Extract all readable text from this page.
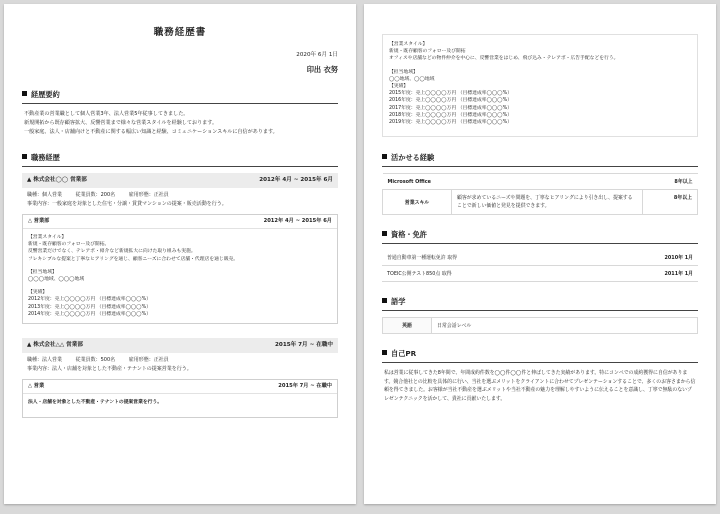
職務経歴書
2020年 6月 1日
印出 衣努
経歴要約
不動産業の営業職として個人営業3年、法人営業5年従事してきました。
新規開拓から既存顧客拡大、反響営業まで様々な営業スタイルを経験しております。
一般家庭、法人・店舗向けと不動産に関する幅広い知識と経験、コミュニケーションスキルに自信があります。
職務経歴
▲ 株式会社◯◯ 営業部	2012年 4月 ~ 2015年 6月
職種：個人営業	従業員数：200名	雇用形態：正社員
事業内容：一般家庭を対象とした住宅・分譲・賃貸マンションの提案・販売活動を行う。
△ 営業部	2012年 4月 ~ 2015年 6月
【営業スタイル】
新規・既存顧客のフォロー及び開拓。
反響営業だけでなく、テレアポ・紹介など新規拡大に向けた取り組みも実施。
フレキシブルな提案と丁寧なヒアリングを通じ、顧客ニーズに合わせて店舗・代理店を通じ販売。
【担当地域】
◯◯◯地域、◯◯◯地域
【実績】
2012年度：売上◯◯◯◯万円 （目標達成率◯◯◯%）
2013年度：売上◯◯◯◯万円 （目標達成率◯◯◯%）
2014年度：売上◯◯◯◯万円 （目標達成率◯◯◯%）
▲ 株式会社△△ 営業部	2015年 7月 ~ 在職中
職種：法人営業	従業員数：500名	雇用形態：正社員
事業内容：法人・店舗を対象とした不動産・テナントの提案営業を行う。
△ 営業	2015年 7月 ~ 在職中
法人・店舗を対象とした不動産・テナントの提案営業を行う。
【営業スタイル】
新規・既存顧客のフォロー及び開拓
オフィスや店舗などの物件仲介を中心に、反響営業をはじめ、飛び込み・テレアポ・広告手配などを行う。
【担当地域】
◯◯地域、◯◯地域
【実績】
2015年度：売上◯◯◯◯万円 （目標達成率◯◯◯%）
2016年度：売上◯◯◯◯万円 （目標達成率◯◯◯%）
2017年度：売上◯◯◯◯万円 （目標達成率◯◯◯%）
2018年度：売上◯◯◯◯万円 （目標達成率◯◯◯%）
2019年度：売上◯◯◯◯万円 （目標達成率◯◯◯%）
活かせる経験
Microsoft Office		8年以上
営業スキル	顧客が求めているニーズや問題を、丁寧なヒアリングにより引き出し、提案することで新しい価値と発見を提供できます。	8年以上
資格・免許
普通自動車第一種運転免許 取得	2010年 1月
TOEIC公開テスト850点 取得	2011年 1月
語学
英語	日常会話レベル
自己PR
私は営業に従事してきた8年間で、年間成約件数を◯◯件◯◯件と伸ばしてきた実績があります。特にコンペでの成約獲得に自信があります。競合他社との比較を具体的に行い、当社を選ぶメリットをクライアントに合わせてプレゼンテーションすることで、多くのお客さまから信頼を得てきました。お客様が当社不動産を選ぶメリットや当社不動産の魅力を理解しやすいように伝えることを意識し、丁寧で無駄のないプレゼンテクニックを活かして、貴社に貢献いたします。
